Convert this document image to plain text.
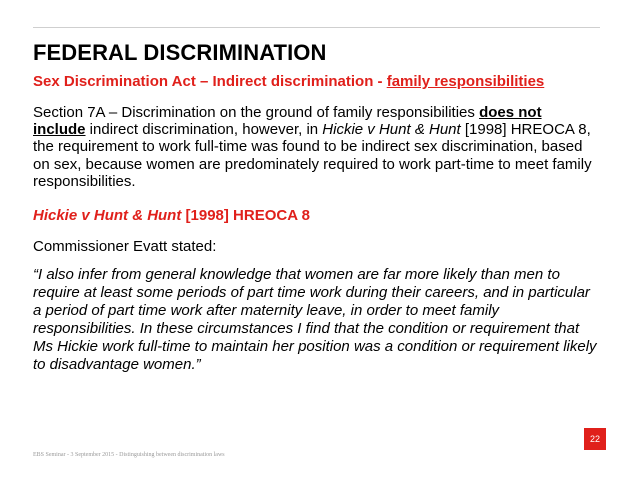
FEDERAL DISCRIMINATION
Sex Discrimination Act – Indirect discrimination - family responsibilities
Section 7A – Discrimination on the ground of family responsibilities does not include indirect discrimination, however, in Hickie v Hunt & Hunt [1998] HREOCA 8, the requirement to work full-time was found to be indirect sex discrimination, based on sex, because women are predominately required to work part-time to meet family responsibilities.
Hickie v Hunt & Hunt [1998] HREOCA 8
Commissioner Evatt stated:
“I also infer from general knowledge that women are far more likely than men to require at least some periods of part time work during their careers, and in particular a period of part time work after maternity leave, in order to meet family responsibilities. In these circumstances I find that the condition or requirement that Ms Hickie work full-time to maintain her position was a condition or requirement likely to disadvantage women.”
EBS Seminar - 3 September 2015 - Distinguishing between discrimination laws
22
